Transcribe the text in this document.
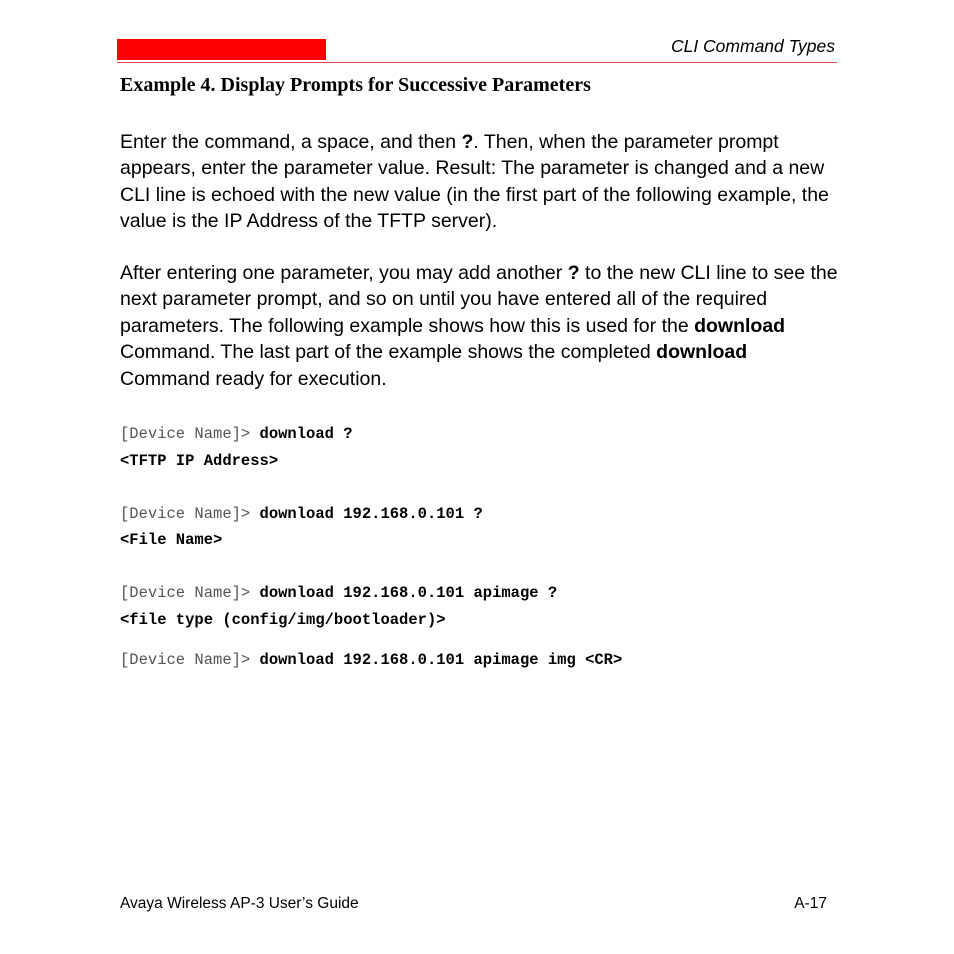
CLI Command Types
Example 4. Display Prompts for Successive Parameters

Enter the command, a space, and then ?. Then, when the parameter prompt appears, enter the parameter value. Result: The parameter is changed and a new CLI line is echoed with the new value (in the first part of the following example, the value is the IP Address of the TFTP server).

After entering one parameter, you may add another ? to the new CLI line to see the next parameter prompt, and so on until you have entered all of the required parameters. The following example shows how this is used for the download Command. The last part of the example shows the completed download Command ready for execution.

[Device Name]> download ?
<TFTP IP Address>
[Device Name]> download 192.168.0.101 ?
<File Name>
[Device Name]> download 192.168.0.101 apimage ?
<file type (config/img/bootloader)>
[Device Name]> download 192.168.0.101 apimage img <CR>
Avaya Wireless AP-3 User’s Guide	A-17
